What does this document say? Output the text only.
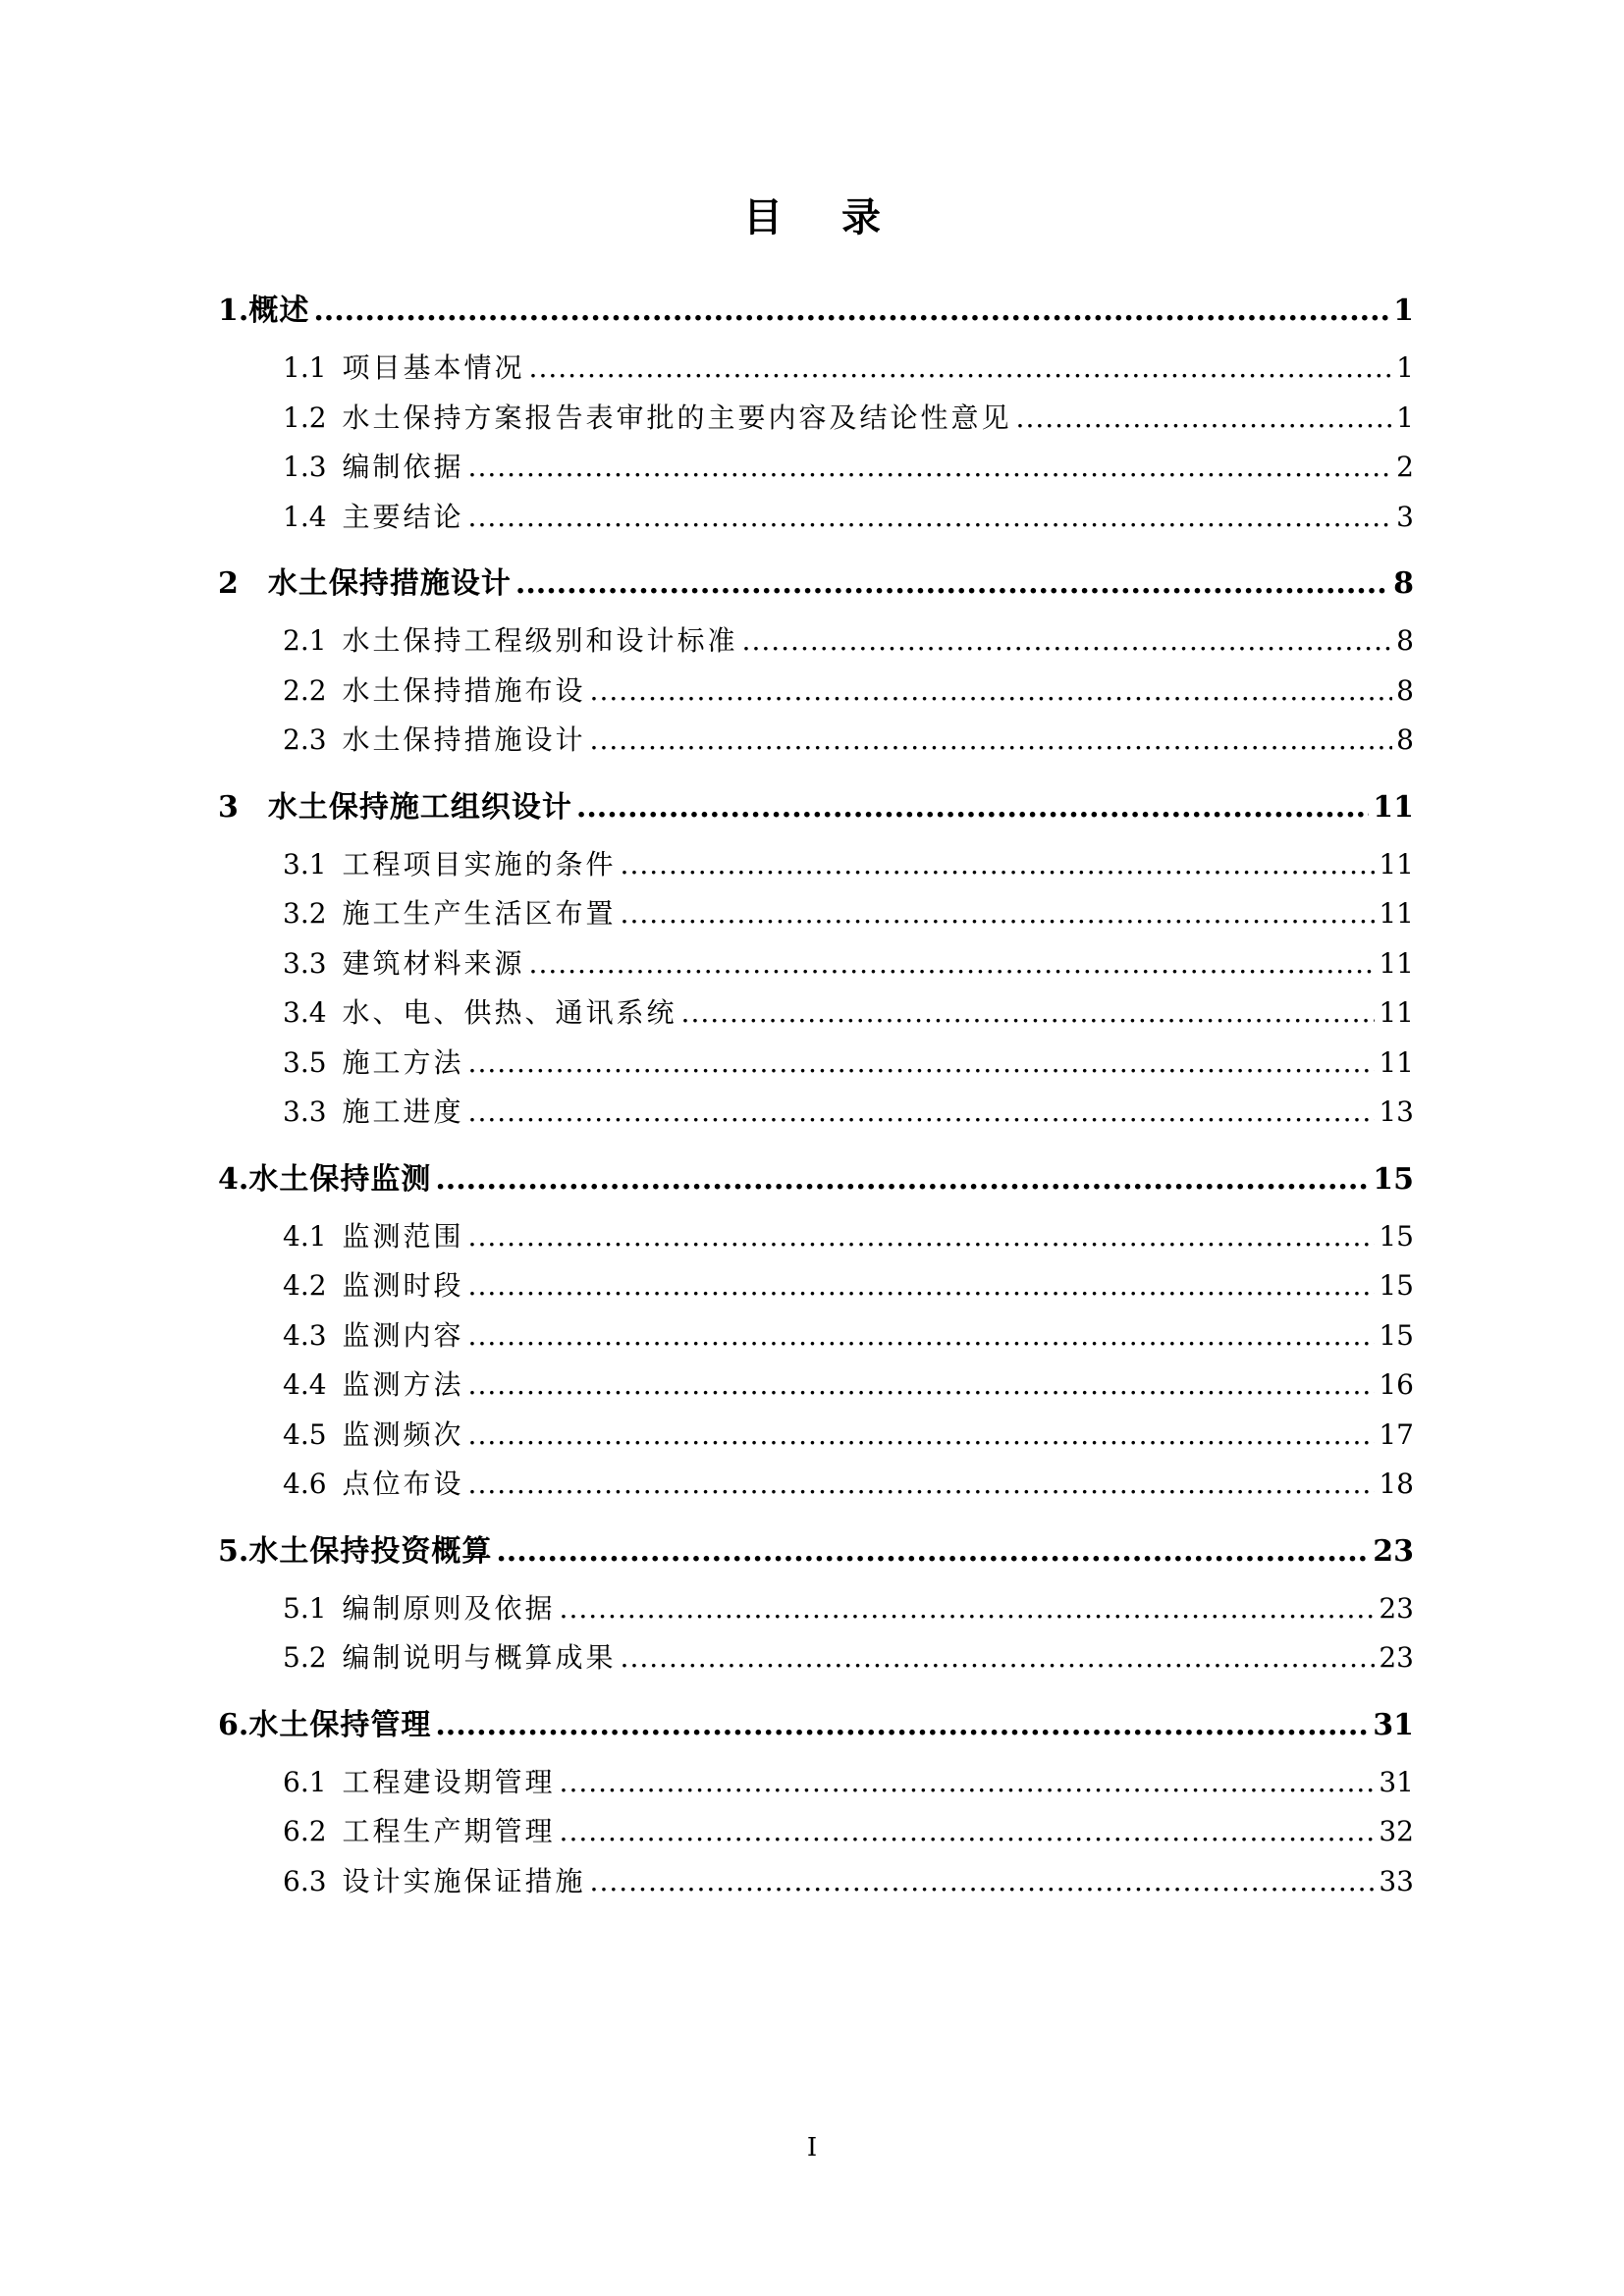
目录
1. 概述 .....	1
1.1 项目基本情况 .....	1
1.2 水土保持方案报告表审批的主要内容及结论性意见 .....	1
1.3 编制依据 .....	2
1.4 主要结论 .....	3
2 水土保持措施设计 .....	8
2.1 水土保持工程级别和设计标准 .....	8
2.2 水土保持措施布设 .....	8
2.3 水土保持措施设计 .....	8
3 水土保持施工组织设计 .....	11
3.1 工程项目实施的条件 .....	11
3.2 施工生产生活区布置 .....	11
3.3 建筑材料来源 .....	11
3.4 水、电、供热、通讯系统 .....	11
3.5 施工方法 .....	11
3.3 施工进度 .....	13
4. 水土保持监测 .....	15
4.1 监测范围 .....	15
4.2 监测时段 .....	15
4.3 监测内容 .....	15
4.4 监测方法 .....	16
4.5 监测频次 .....	17
4.6 点位布设 .....	18
5. 水土保持投资概算 .....	23
5.1 编制原则及依据 .....	23
5.2 编制说明与概算成果 .....	23
6. 水土保持管理 .....	31
6.1 工程建设期管理 .....	31
6.2 工程生产期管理 .....	32
6.3 设计实施保证措施 .....	33
I
